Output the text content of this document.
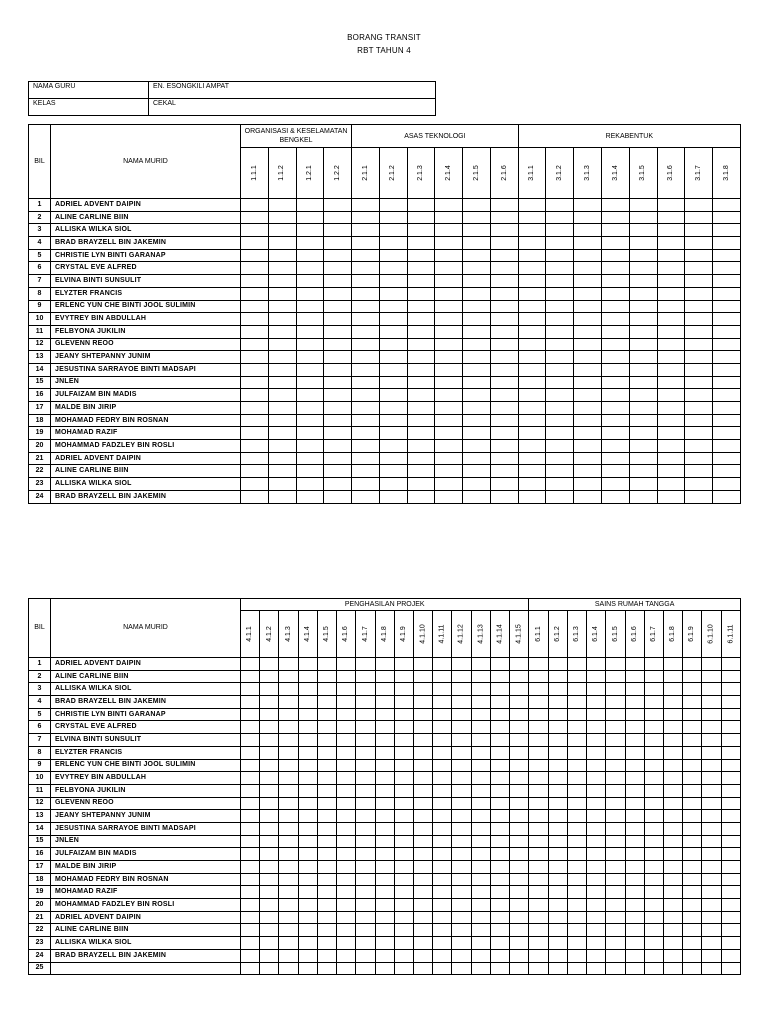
BORANG TRANSIT
RBT TAHUN 4
NAMA GURU	EN. ESONGKILI AMPAT
KELAS	CEKAL
BIL	NAMA MURID	ORGANISASI & KESELAMATAN BENGKEL				ASAS TEKNOLOGI						REKABENTUK							
		1.1.1	1.1.2	1.2.1	1.2.2	2.1.1	2.1.2	2.1.3	2.1.4	2.1.5	2.1.6	3.1.1	3.1.2	3.1.3	3.1.4	3.1.5	3.1.6	3.1.7	3.1.8
1	ADRIEL ADVENT DAIPIN																		
2	ALINE CARLINE BIIN																		
3	ALLISKA WILKA SIOL																		
4	BRAD BRAYZELL BIN JAKEMIN																		
5	CHRISTIE LYN BINTI GARANAP																		
6	CRYSTAL EVE ALFRED																		
7	ELVINA BINTI SUNSULIT																		
8	ELYZTER FRANCIS																		
9	ERLENC YUN CHE BINTI JOOL SULIMIN																		
10	EVYTREY BIN ABDULLAH																		
11	FELBYONA JUKILIN																		
12	GLEVENN REOO																		
13	JEANY SHTEPANNY JUNIM																		
14	JESUSTINA SARRAYOE BINTI MADSAPI																		
15	JNLEN																		
16	JULFAIZAM BIN MADIS																		
17	MALDE BIN JIRIP																		
18	MOHAMAD FEDRY BIN ROSNAN																		
19	MOHAMAD RAZIF																		
20	MOHAMMAD FADZLEY BIN ROSLI																		
21	ADRIEL ADVENT DAIPIN																		
22	ALINE CARLINE BIIN																		
23	ALLISKA WILKA SIOL																		
24	BRAD BRAYZELL BIN JAKEMIN																		
BIL	NAMA MURID	PENGHASILAN PROJEK															SAINS RUMAH TANGGA										
		4.1.1	4.1.2	4.1.3	4.1.4	4.1.5	4.1.6	4.1.7	4.1.8	4.1.9	4.1.10	4.1.11	4.1.12	4.1.13	4.1.14	4.1.15	6.1.1	6.1.2	6.1.3	6.1.4	6.1.5	6.1.6	6.1.7	6.1.8	6.1.9	6.1.10	6.1.11
1	ADRIEL ADVENT DAIPIN																										
2	ALINE CARLINE BIIN																										
3	ALLISKA WILKA SIOL																										
4	BRAD BRAYZELL BIN JAKEMIN																										
5	CHRISTIE LYN BINTI GARANAP																										
6	CRYSTAL EVE ALFRED																										
7	ELVINA BINTI SUNSULIT																										
8	ELYZTER FRANCIS																										
9	ERLENC YUN CHE BINTI JOOL SULIMIN																										
10	EVYTREY BIN ABDULLAH																										
11	FELBYONA JUKILIN																										
12	GLEVENN REOO																										
13	JEANY SHTEPANNY JUNIM																										
14	JESUSTINA SARRAYOE BINTI MADSAPI																										
15	JNLEN																										
16	JULFAIZAM BIN MADIS																										
17	MALDE BIN JIRIP																										
18	MOHAMAD FEDRY BIN ROSNAN																										
19	MOHAMAD RAZIF																										
20	MOHAMMAD FADZLEY BIN ROSLI																										
21	ADRIEL ADVENT DAIPIN																										
22	ALINE CARLINE BIIN																										
23	ALLISKA WILKA SIOL																										
24	BRAD BRAYZELL BIN JAKEMIN																										
25																											
